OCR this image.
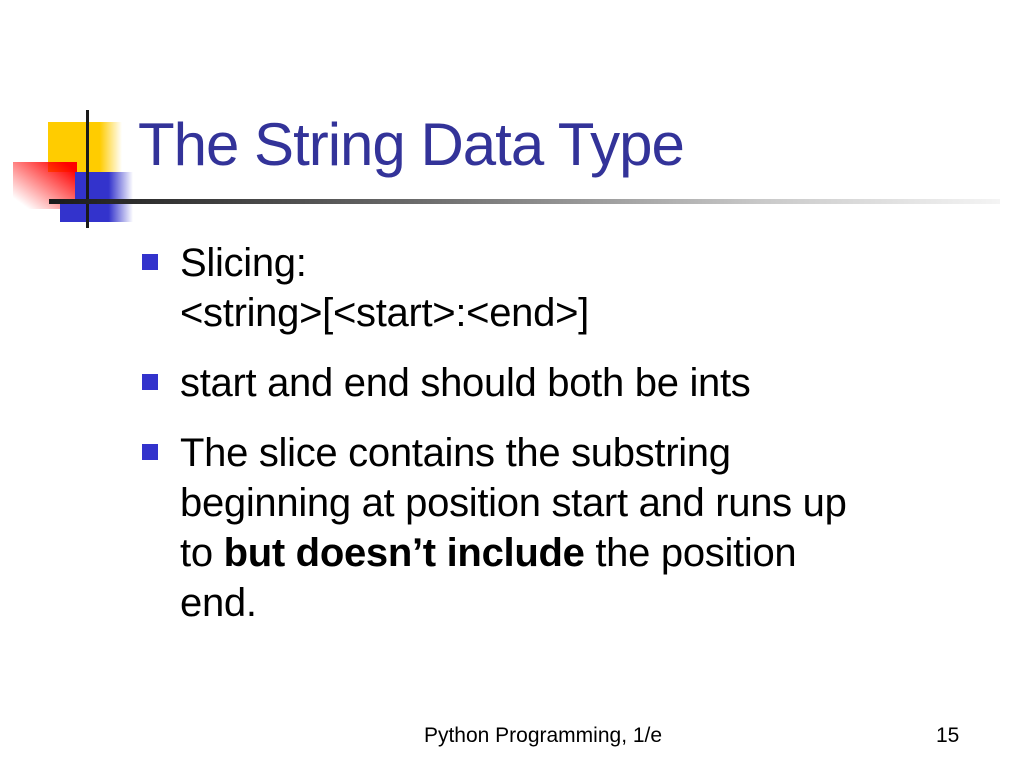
The String Data Type
Slicing:
<string>[<start>:<end>]
start and end should both be ints
The slice contains the substring
beginning at position start and runs up
to but doesn’t include the position
end.
Python Programming, 1/e	15
